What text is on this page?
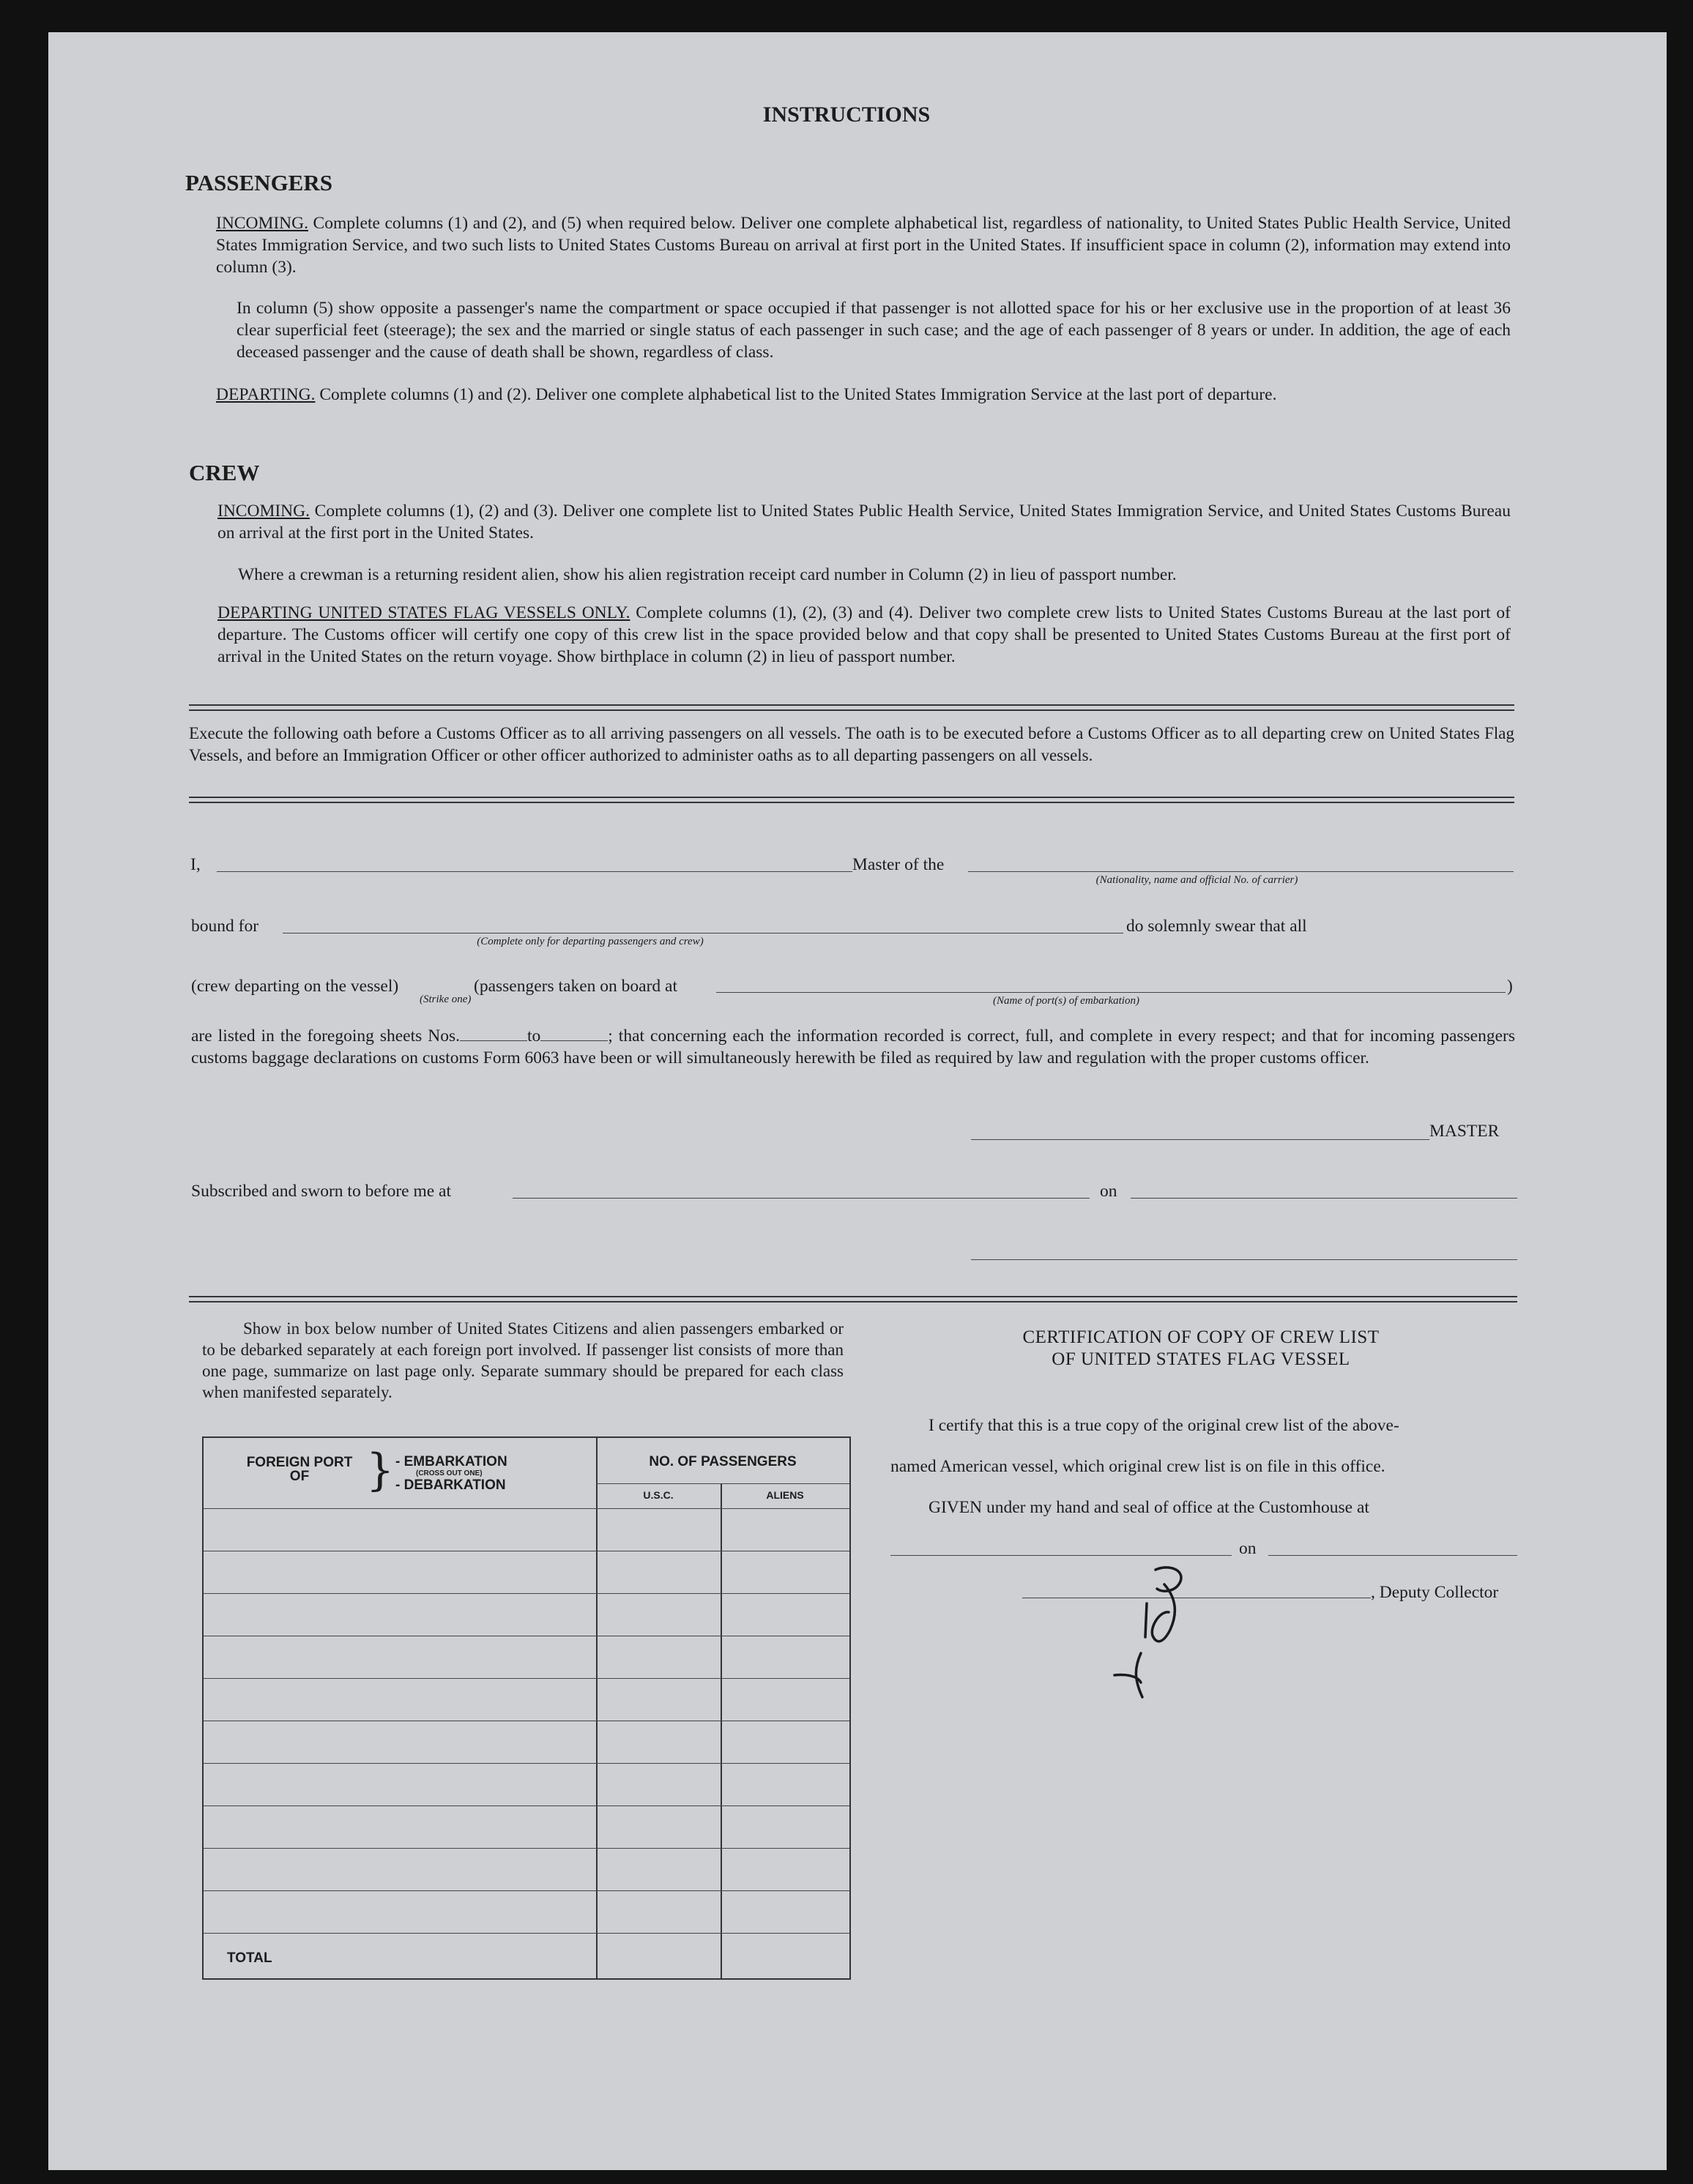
INSTRUCTIONS
PASSENGERS
INCOMING. Complete columns (1) and (2), and (5) when required below. Deliver one complete alphabetical list, regardless of nationality, to United States Public Health Service, United States Immigration Service, and two such lists to United States Customs Bureau on arrival at first port in the United States. If insufficient space in column (2), information may extend into column (3).
In column (5) show opposite a passenger's name the compartment or space occupied if that passenger is not allotted space for his or her exclusive use in the proportion of at least 36 clear superficial feet (steerage); the sex and the married or single status of each passenger in such case; and the age of each passenger of 8 years or under. In addition, the age of each deceased passenger and the cause of death shall be shown, regardless of class.
DEPARTING. Complete columns (1) and (2). Deliver one complete alphabetical list to the United States Immigration Service at the last port of departure.
CREW
INCOMING. Complete columns (1), (2) and (3). Deliver one complete list to United States Public Health Service, United States Immigration Service, and United States Customs Bureau on arrival at the first port in the United States.
Where a crewman is a returning resident alien, show his alien registration receipt card number in Column (2) in lieu of passport number.
DEPARTING UNITED STATES FLAG VESSELS ONLY. Complete columns (1), (2), (3) and (4). Deliver two complete crew lists to United States Customs Bureau at the last port of departure. The Customs officer will certify one copy of this crew list in the space provided below and that copy shall be presented to United States Customs Bureau at the first port of arrival in the United States on the return voyage. Show birthplace in column (2) in lieu of passport number.
Execute the following oath before a Customs Officer as to all arriving passengers on all vessels. The oath is to be executed before a Customs Officer as to all departing crew on United States Flag Vessels, and before an Immigration Officer or other officer authorized to administer oaths as to all departing passengers on all vessels.
I,	Master of the
(Nationality, name and official No. of carrier)
bound for
(Complete only for departing passengers and crew)
do solemnly swear that all
(crew departing on the vessel)
(Strike one)
(passengers taken on board at
(Name of port(s) of embarkation)
)
are listed in the foregoing sheets Nos.	to	; that concerning each the information recorded is correct, full, and complete in every respect; and that for incoming passengers customs baggage declarations on customs Form 6063 have been or will simultaneously herewith be filed as required by law and regulation with the proper customs officer.
MASTER
Subscribed and sworn to before me at	on
Show in box below number of United States Citizens and alien passengers embarked or to be debarked separately at each foreign port involved. If passenger list consists of more than one page, summarize on last page only. Separate summary should be prepared for each class when manifested separately.
FOREIGN PORT OF	} - EMBARKATION
(CROSS OUT ONE)
- DEBARKATION
NO. OF PASSENGERS
U.S.C.	ALIENS
TOTAL
CERTIFICATION OF COPY OF CREW LIST
OF UNITED STATES FLAG VESSEL
I certify that this is a true copy of the original crew list of the above-
named American vessel, which original crew list is on file in this office.
GIVEN under my hand and seal of office at the Customhouse at
on
, Deputy Collector
